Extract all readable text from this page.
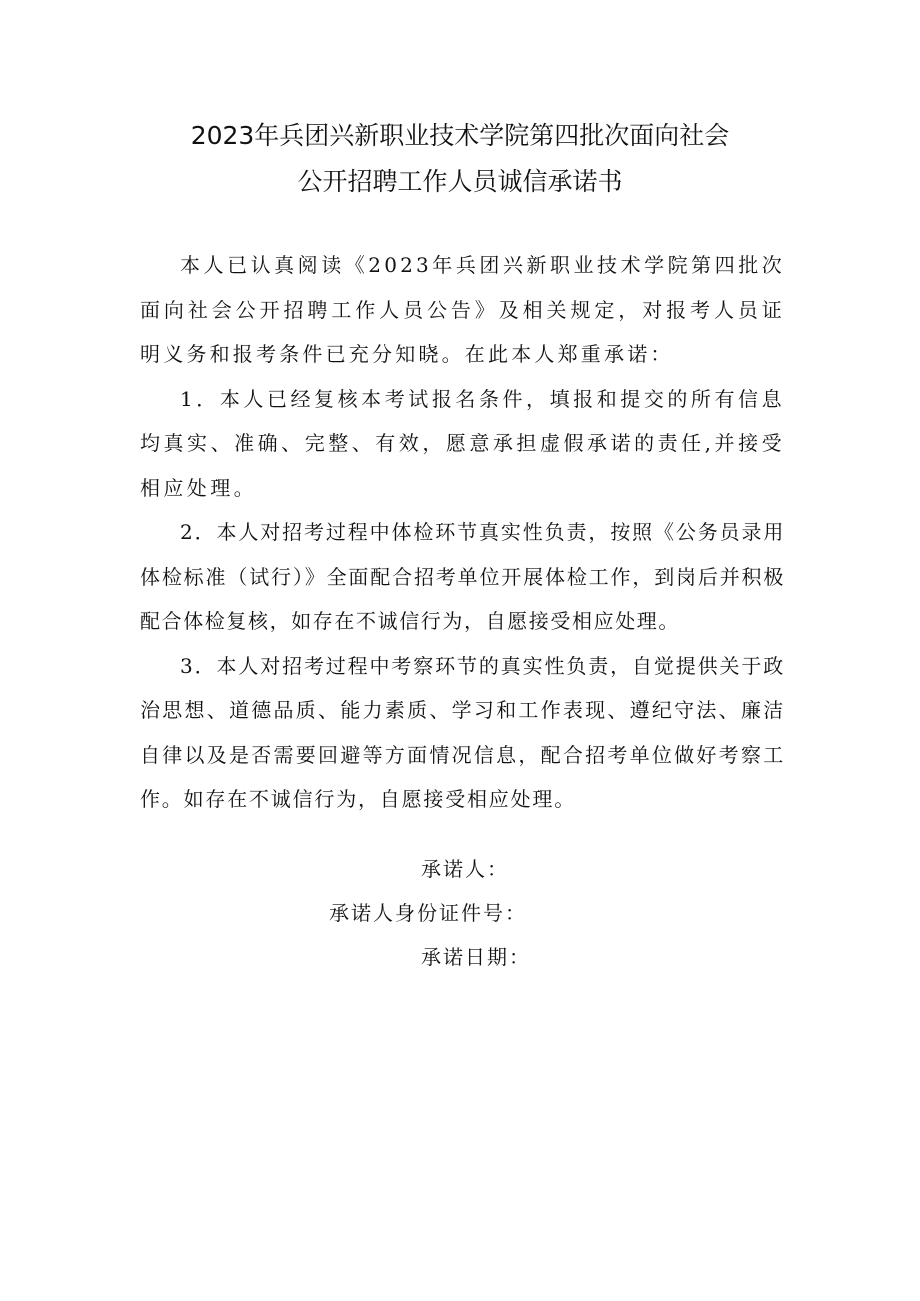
2023年兵团兴新职业技术学院第四批次面向社会
公开招聘工作人员诚信承诺书

本人已认真阅读《2023年兵团兴新职业技术学院第四批次面向社会公开招聘工作人员公告》及相关规定，对报考人员证明义务和报考条件已充分知晓。在此本人郑重承诺：

1．本人已经复核本考试报名条件，填报和提交的所有信息均真实、准确、完整、有效，愿意承担虚假承诺的责任,并接受相应处理。

2．本人对招考过程中体检环节真实性负责，按照《公务员录用体检标准（试行）》全面配合招考单位开展体检工作，到岗后并积极配合体检复核，如存在不诚信行为，自愿接受相应处理。

3．本人对招考过程中考察环节的真实性负责，自觉提供关于政治思想、道德品质、能力素质、学习和工作表现、遵纪守法、廉洁自律以及是否需要回避等方面情况信息，配合招考单位做好考察工作。如存在不诚信行为，自愿接受相应处理。

承诺人：
承诺人身份证件号：
承诺日期：
